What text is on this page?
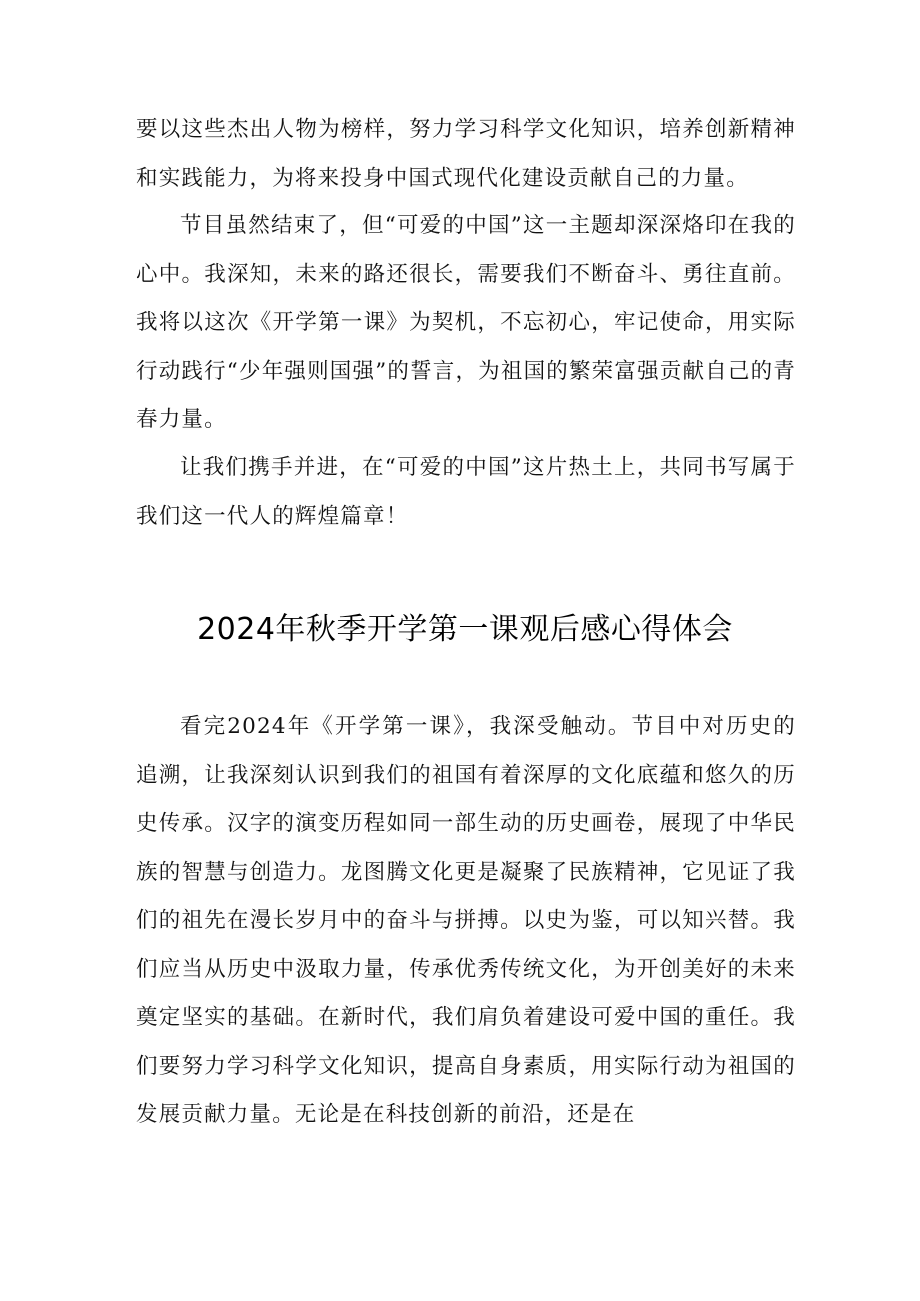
要以这些杰出人物为榜样，努力学习科学文化知识，培养创新精神和实践能力，为将来投身中国式现代化建设贡献自己的力量。

节目虽然结束了，但“可爱的中国”这一主题却深深烙印在我的心中。我深知，未来的路还很长，需要我们不断奋斗、勇往直前。我将以这次《开学第一课》为契机，不忘初心，牢记使命，用实际行动践行“少年强则国强”的誓言，为祖国的繁荣富强贡献自己的青春力量。

让我们携手并进，在“可爱的中国”这片热土上，共同书写属于我们这一代人的辉煌篇章！

2024年秋季开学第一课观后感心得体会

看完2024年《开学第一课》，我深受触动。节目中对历史的追溯，让我深刻认识到我们的祖国有着深厚的文化底蕴和悠久的历史传承。汉字的演变历程如同一部生动的历史画卷，展现了中华民族的智慧与创造力。龙图腾文化更是凝聚了民族精神，它见证了我们的祖先在漫长岁月中的奋斗与拼搏。以史为鉴，可以知兴替。我们应当从历史中汲取力量，传承优秀传统文化，为开创美好的未来奠定坚实的基础。在新时代，我们肩负着建设可爱中国的重任。我们要努力学习科学文化知识，提高自身素质，用实际行动为祖国的发展贡献力量。无论是在科技创新的前沿，还是在
